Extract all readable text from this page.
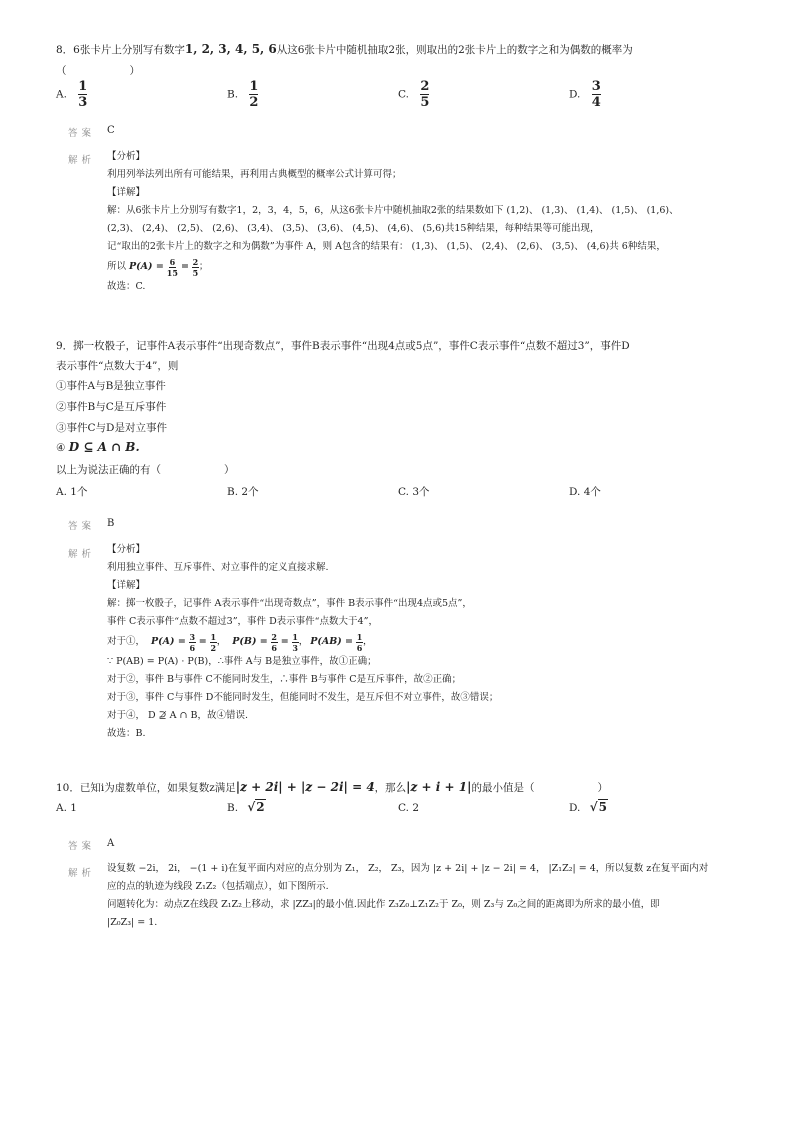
8．6张卡片上分别写有数字1, 2, 3, 4, 5, 6从这6张卡片中随机抽取2张，则取出的2张卡片上的数字之和为偶数的概率为
（　　　　　　）
A. $\frac{1}{3}$	B. $\frac{1}{2}$	C. $\frac{2}{5}$	D. $\frac{3}{4}$
答案 C
解析 【分析】
利用列举法列出所有可能结果，再利用古典概型的概率公式计算可得；
【详解】
解：从6张卡片上分别写有数字1，2，3，4，5，6，从这6张卡片中随机抽取2张的结果数如下 (1,2)、 (1,3)、 (1,4)、 (1,5)、 (1,6)、
(2,3)、 (2,4)、 (2,5)、 (2,6)、 (3,4)、 (3,5)、 (3,6)、 (4,5)、 (4,6)、 (5,6)共15种结果，每种结果等可能出现，
记“取出的2张卡片上的数字之和为偶数”为事件 A，则 A包含的结果有： (1,3)、 (1,5)、 (2,4)、 (2,6)、 (3,5)、 (4,6)共 6种结果，
所以 $P(A) = \frac{6}{15} = \frac{2}{5}$ ；
故选：C.
9．掷一枚骰子，记事件A表示事件“出现奇数点”，事件B表示事件“出现4点或5点”，事件C表示事件“点数不超过3”，事件D
表示事件“点数大于4”，则
①事件A与B是独立事件
②事件B与C是互斥事件
③事件C与D是对立事件
④ D ⊆ A ∩ B.
以上为说法正确的有（　　　　　　）
A. 1个	B. 2个	C. 3个	D. 4个
答案 B
解析 【分析】
利用独立事件、互斥事件、对立事件的定义直接求解.
【详解】
解：掷一枚骰子，记事件 A表示事件“出现奇数点”，事件 B表示事件“出现4点或5点”，
事件 C表示事件“点数不超过3”，事件 D表示事件“点数大于4”，
对于①， $P(A) = \frac{3}{6} = \frac{1}{2}$ ， $P(B) = \frac{2}{6} = \frac{1}{3}$ ， $P(AB) = \frac{1}{6}$ ，
∵ P(AB) = P(A) · P(B)，∴事件 A与 B是独立事件，故①正确；
对于②，事件 B与事件 C不能同时发生，∴事件 B与事件 C是互斥事件，故②正确；
对于③，事件 C与事件 D不能同时发生，但能同时不发生，是互斥但不对立事件，故③错误；
对于④， D ⊉ A ∩ B，故④错误.
故选：B.
10．已知i为虚数单位，如果复数z满足|z + 2i| + |z − 2i| = 4，那么|z + i + 1|的最小值是（　　　　　　）
A. 1	B. √2	C. 2	D. √5
答案 A
解析 设复数 −2i， 2i， −(1 + i)在复平面内对应的点分别为 Z₁， Z₂， Z₃，因为 |z + 2i| + |z − 2i| = 4， |Z₁Z₂| = 4，所以复数 z在复平面内对
应的点的轨迹为线段 Z₁Z₂（包括端点），如下图所示.
问题转化为：动点Z在线段 Z₁Z₂上移动，求 |ZZ₃|的最小值.因此作 Z₃Z₀⊥Z₁Z₂于 Z₀，则 Z₃与 Z₀之间的距离即为所求的最小值，即
|Z₀Z₃| = 1.
